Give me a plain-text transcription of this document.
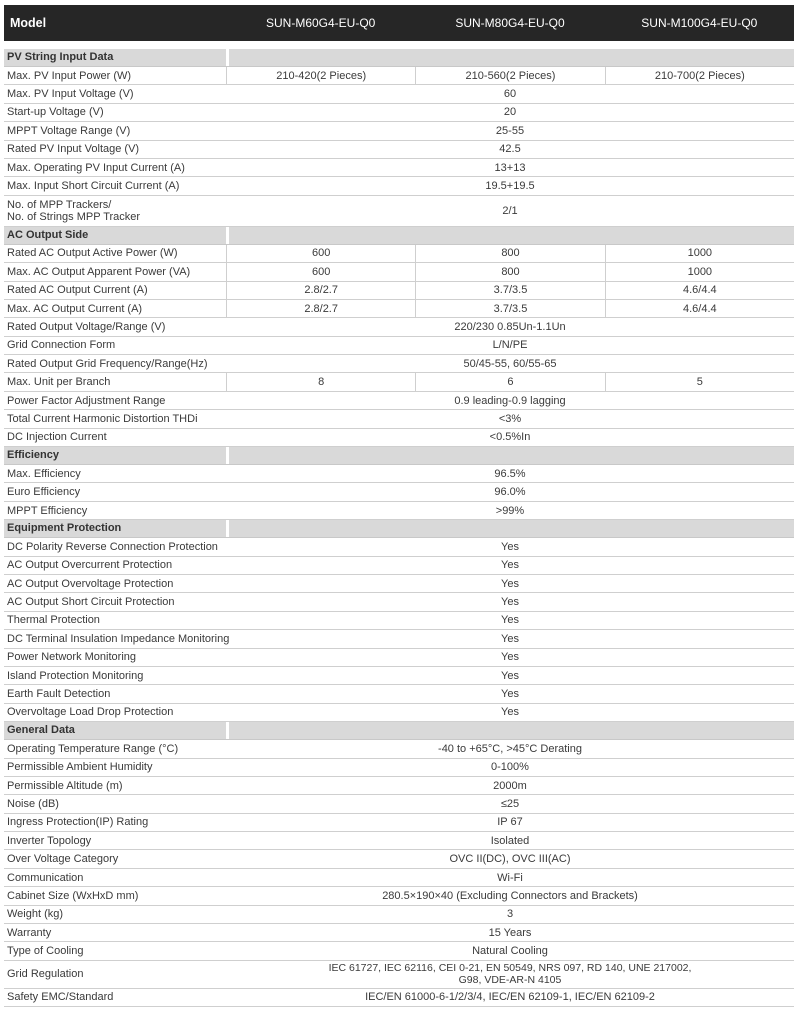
Model	SUN-M60G4-EU-Q0	SUN-M80G4-EU-Q0	SUN-M100G4-EU-Q0
PV String Input Data
Max. PV Input Power (W)	210-420(2 Pieces)	210-560(2 Pieces)	210-700(2 Pieces)
Max. PV Input Voltage (V)	60
Start-up Voltage (V)	20
MPPT Voltage Range (V)	25-55
Rated PV Input Voltage (V)	42.5
Max. Operating PV Input Current (A)	13+13
Max. Input Short Circuit Current (A)	19.5+19.5
No. of MPP Trackers/
No. of Strings MPP Tracker	2/1
AC Output Side
Rated AC Output Active Power (W)	600	800	1000
Max. AC Output Apparent Power (VA)	600	800	1000
Rated AC Output Current (A)	2.8/2.7	3.7/3.5	4.6/4.4
Max. AC Output Current (A)	2.8/2.7	3.7/3.5	4.6/4.4
Rated Output Voltage/Range (V)	220/230 0.85Un-1.1Un
Grid Connection Form	L/N/PE
Rated Output Grid Frequency/Range(Hz)	50/45-55, 60/55-65
Max. Unit per Branch	8	6	5
Power Factor Adjustment Range	0.9 leading-0.9 lagging
Total Current Harmonic Distortion THDi	<3%
DC Injection Current	<0.5%In
Efficiency
Max. Efficiency	96.5%
Euro Efficiency	96.0%
MPPT Efficiency	>99%
Equipment Protection
DC Polarity Reverse Connection Protection	Yes
AC Output Overcurrent Protection	Yes
AC Output Overvoltage Protection	Yes
AC Output Short Circuit Protection	Yes
Thermal Protection	Yes
DC Terminal Insulation Impedance Monitoring	Yes
Power Network Monitoring	Yes
Island Protection Monitoring	Yes
Earth Fault Detection	Yes
Overvoltage Load Drop Protection	Yes
General Data
Operating Temperature Range (°C)	-40 to +65°C, >45°C Derating
Permissible Ambient Humidity	0-100%
Permissible Altitude (m)	2000m
Noise (dB)	≤25
Ingress Protection(IP) Rating	IP 67
Inverter Topology	Isolated
Over Voltage Category	OVC II(DC), OVC III(AC)
Communication	Wi-Fi
Cabinet Size (WxHxD mm)	280.5×190×40 (Excluding Connectors and Brackets)
Weight (kg)	3
Warranty	15 Years
Type of Cooling	Natural Cooling
Grid Regulation	IEC 61727, IEC 62116, CEI 0-21, EN 50549, NRS 097, RD 140, UNE 217002,
G98, VDE-AR-N 4105
Safety EMC/Standard	IEC/EN 61000-6-1/2/3/4, IEC/EN 62109-1, IEC/EN 62109-2
